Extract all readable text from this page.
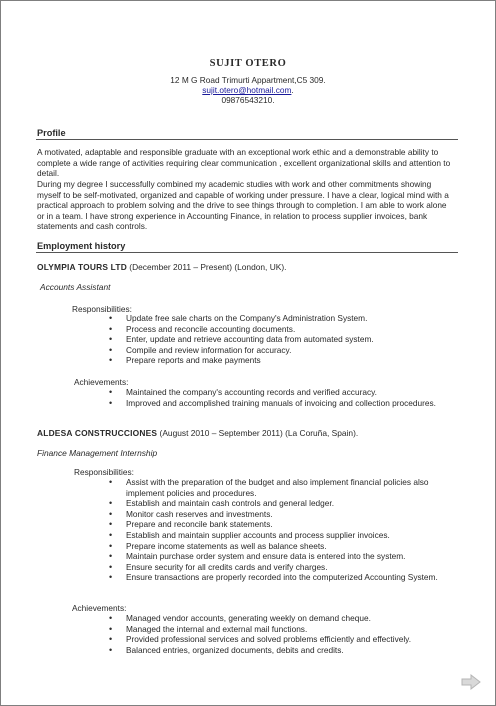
SUJIT OTERO
12 M G Road Trimurti Appartment,C5 309.
sujit.otero@hotmail.com.
09876543210.
Profile
A motivated, adaptable and responsible graduate with an exceptional work ethic and a demonstrable ability to complete a wide range of activities requiring clear communication , excellent organizational skills and attention to detail.
During my degree I successfully combined my academic studies with work and other commitments showing myself to be self-motivated, organized and capable of working under pressure. I have a clear, logical mind with a practical approach to problem solving and the drive to see things through to completion. I am able to work alone or in a team. I have strong experience in Accounting Finance, in relation to process supplier invoices, bank statements and cash controls.
Employment history
OLYMPIA TOURS LTD (December 2011 – Present) (London, UK).
Accounts Assistant
Responsibilities:
• Update free sale charts on the Company's Administration System.
• Process and reconcile accounting documents.
• Enter, update and retrieve accounting data from automated system.
• Compile and review information for accuracy.
• Prepare reports and make payments
Achievements:
• Maintained the company's accounting records and verified accuracy.
• Improved and accomplished training manuals of invoicing and collection procedures.
ALDESA CONSTRUCCIONES (August 2010 – September 2011) (La Coruña, Spain).
Finance Management Internship
Responsibilities:
• Assist with the preparation of the budget and also implement financial policies also implement policies and procedures.
• Establish and maintain cash controls and general ledger.
• Monitor cash reserves and investments.
• Prepare and reconcile bank statements.
• Establish and maintain supplier accounts and process supplier invoices.
• Prepare income statements as well as balance sheets.
• Maintain purchase order system and ensure data is entered into the system.
• Ensure security for all credits cards and verify charges.
• Ensure transactions are properly recorded into the computerized Accounting System.
Achievements:
• Managed vendor accounts, generating weekly on demand cheque.
• Managed the internal and external mail functions.
• Provided professional services and solved problems efficiently and effectively.
• Balanced entries, organized documents, debits and credits.
